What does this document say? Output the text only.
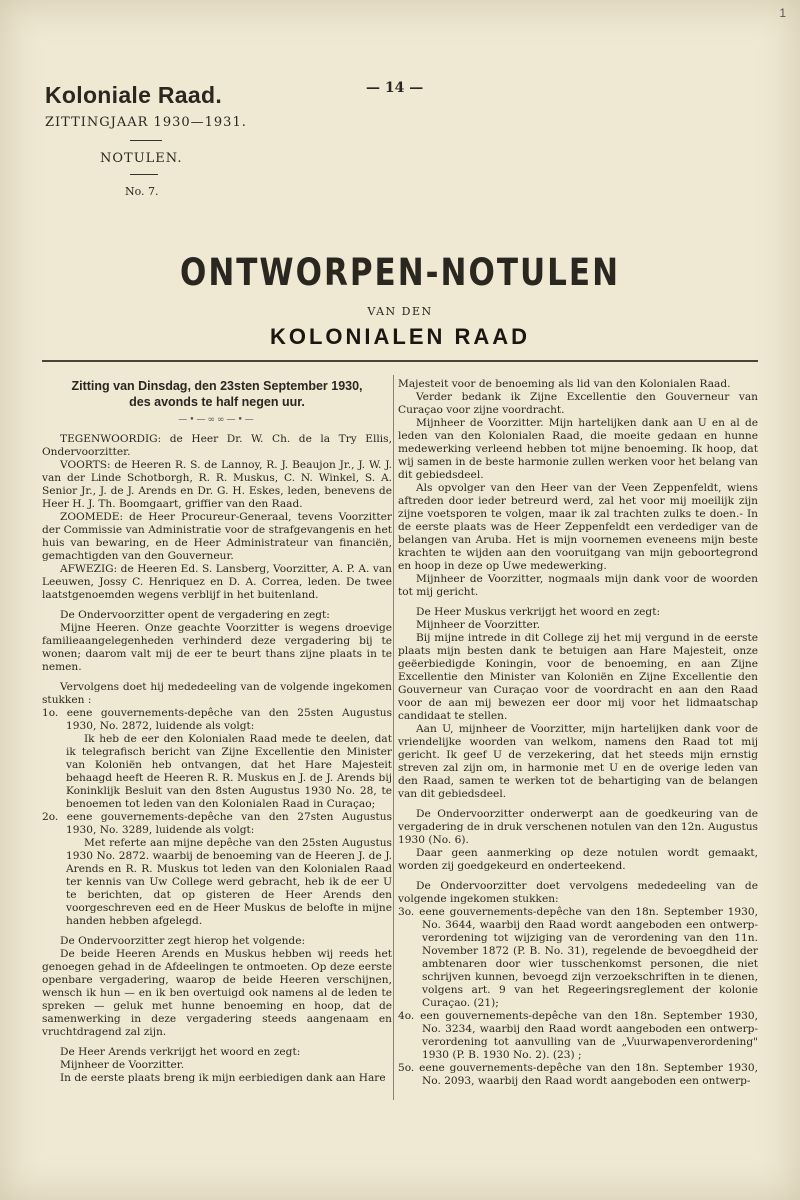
1
Koloniale Raad.
ZITTINGJAAR 1930—1931.
NOTULEN.
No. 7.
— 14 —
ONTWORPEN-NOTULEN
VAN DEN
KOLONIALEN RAAD
Zitting van Dinsdag, den 23sten September 1930,
des avonds te half negen uur.
—•—∞∞—•—

TEGENWOORDIG: de Heer Dr. W. Ch. de la Try Ellis, Ondervoorzitter.

VOORTS: de Heeren R. S. de Lannoy, R. J. Beaujon Jr., J. W. J. van der Linde Schotborgh, R. R. Muskus, C. N. Winkel, S. A. Senior Jr., J. de J. Arends en Dr. G. H. Eskes, leden, benevens de Heer H. J. Th. Boomgaart, griffier van den Raad.

ZOOMEDE: de Heer Procureur-Generaal, tevens Voorzitter der Commissie van Administratie voor de strafgevangenis en het huis van bewaring, en de Heer Administrateur van financiën, gemachtigden van den Gouverneur.

AFWEZIG: de Heeren Ed. S. Lansberg, Voorzitter, A. P. A. van Leeuwen, Jossy C. Henriquez en D. A. Correa, leden. De twee laatstgenoemden wegens verblijf in het buitenland.

De Ondervoorzitter opent de vergadering en zegt:

Mijne Heeren. Onze geachte Voorzitter is wegens droevige familieaangelegenheden verhinderd deze vergadering bij te wonen; daarom valt mij de eer te beurt thans zijne plaats in te nemen.

Vervolgens doet hij mededeeling van de volgende ingekomen stukken :

1o. eene gouvernements-depêche van den 25sten Augustus 1930, No. 2872, luidende als volgt:

Ik heb de eer den Kolonialen Raad mede te deelen, dat ik telegrafisch bericht van Zijne Excellentie den Minister van Koloniën heb ontvangen, dat het Hare Majesteit behaagd heeft de Heeren R. R. Muskus en J. de J. Arends bij Koninklijk Besluit van den 8sten Augustus 1930 No. 28, te benoemen tot leden van den Kolonialen Raad in Curaçao;

2o. eene gouvernements-depêche van den 27sten Augustus 1930, No. 3289, luidende als volgt:

Met referte aan mijne depêche van den 25sten Augustus 1930 No. 2872. waarbij de benoeming van de Heeren J. de J. Arends en R. R. Muskus tot leden van den Kolonialen Raad ter kennis van Uw College werd gebracht, heb ik de eer U te berichten, dat op gisteren de Heer Arends den voorgeschreven eed en de Heer Muskus de belofte in mijne handen hebben afgelegd.

De Ondervoorzitter zegt hierop het volgende:

De beide Heeren Arends en Muskus hebben wij reeds het genoegen gehad in de Afdeelingen te ontmoeten. Op deze eerste openbare vergadering, waarop de beide Heeren verschijnen, wensch ik hun — en ik ben overtuigd ook namens al de leden te spreken — geluk met hunne benoeming en hoop, dat de samenwerking in deze vergadering steeds aangenaam en vruchtdragend zal zijn.

De Heer Arends verkrijgt het woord en zegt:

Mijnheer de Voorzitter.

In de eerste plaats breng ik mijn eerbiedigen dank aan Hare

Majesteit voor de benoeming als lid van den Kolonialen Raad.

Verder bedank ik Zijne Excellentie den Gouverneur van Curaçao voor zijne voordracht.

Mijnheer de Voorzitter. Mijn hartelijken dank aan U en al de leden van den Kolonialen Raad, die moeite gedaan en hunne medewerking verleend hebben tot mijne benoeming. Ik hoop, dat wij samen in de beste harmonie zullen werken voor het belang van dit gebiedsdeel.

Als opvolger van den Heer van der Veen Zeppenfeldt, wiens aftreden door ieder betreurd werd, zal het voor mij moeilijk zijn zijne voetsporen te volgen, maar ik zal trachten zulks te doen.- In de eerste plaats was de Heer Zeppenfeldt een verdediger van de belangen van Aruba. Het is mijn voornemen eveneens mijn beste krachten te wijden aan den vooruitgang van mijn geboortegrond en hoop in deze op Uwe medewerking.

Mijnheer de Voorzitter, nogmaals mijn dank voor de woorden tot mij gericht.

De Heer Muskus verkrijgt het woord en zegt:

Mijnheer de Voorzitter.

Bij mijne intrede in dit College zij het mij vergund in de eerste plaats mijn besten dank te betuigen aan Hare Majesteit, onze geëerbiedigde Koningin, voor de benoeming, en aan Zijne Excellentie den Minister van Koloniën en Zijne Excellentie den Gouverneur van Curaçao voor de voordracht en aan den Raad voor de aan mij bewezen eer door mij voor het lidmaatschap candidaat te stellen.

Aan U, mijnheer de Voorzitter, mijn hartelijken dank voor de vriendelijke woorden van welkom, namens den Raad tot mij gericht. Ik geef U de verzekering, dat het steeds mijn ernstig streven zal zijn om, in harmonie met U en de overige leden van den Raad, samen te werken tot de behartiging van de belangen van dit gebiedsdeel.

De Ondervoorzitter onderwerpt aan de goedkeuring van de vergadering de in druk verschenen notulen van den 12n. Augustus 1930 (No. 6).

Daar geen aanmerking op deze notulen wordt gemaakt, worden zij goedgekeurd en onderteekend.

De Ondervoorzitter doet vervolgens mededeeling van de volgende ingekomen stukken:

3o. eene gouvernements-depêche van den 18n. September 1930, No. 3644, waarbij den Raad wordt aangeboden een ontwerp-verordening tot wijziging van de verordening van den 11n. November 1872 (P. B. No. 31), regelende de bevoegdheid der ambtenaren door wier tusschenkomst personen, die niet schrijven kunnen, bevoegd zijn verzoekschriften in te dienen, volgens art. 9 van het Regeeringsreglement der kolonie Curaçao. (21);

4o. een gouvernements-depêche van den 18n. September 1930, No. 3234, waarbij den Raad wordt aangeboden een ontwerp-verordening tot aanvulling van de „Vuurwapenverordening" 1930 (P. B. 1930 No. 2). (23) ;

5o. eene gouvernements-depêche van den 18n. September 1930, No. 2093, waarbij den Raad wordt aangeboden een ontwerp-
